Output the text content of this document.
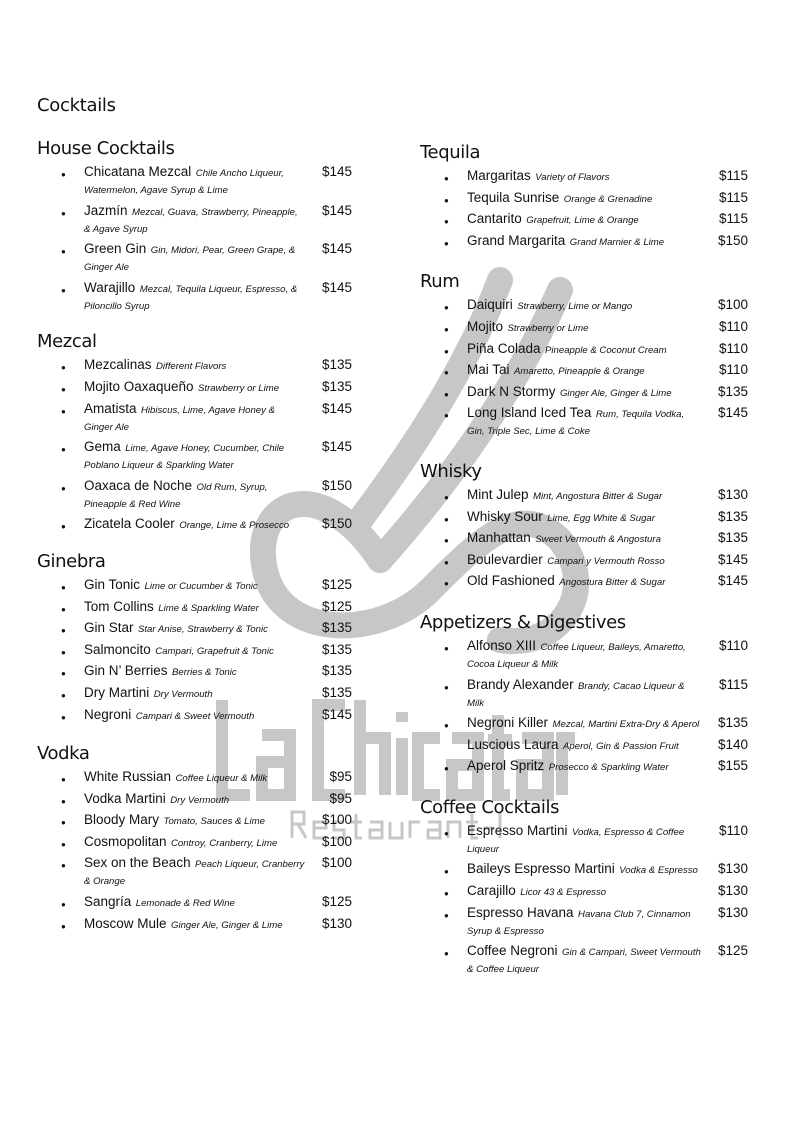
Cocktails
House Cocktails
● Chicatana Mezcal Chile Ancho Liqueur, Watermelon, Agave Syrup & Lime
$145
● Jazmín Mezcal, Guava, Strawberry, Pineapple, & Agave Syrup
$145
● Green Gin Gin, Midori, Pear, Green Grape, & Ginger Ale
$145
● Warajillo Mezcal, Tequila Liqueur, Espresso, & Piloncillo Syrup
$145
Mezcal
● Mezcalinas Different Flavors	$135
● Mojito Oaxaqueño Strawberry or Lime	$135
● Amatista Hibiscus, Lime, Agave Honey & Ginger Ale
$145
● Gema Lime, Agave Honey, Cucumber, Chile Poblano Liqueur & Sparkling Water
$145
● Oaxaca de Noche Old Rum, Syrup, Pineapple & Red Wine
$150
● Zicatela Cooler Orange, Lime & Prosecco	$150
Ginebra
● Gin Tonic Lime or Cucumber & Tonic	$125
● Tom Collins Lime & Sparkling Water	$125
● Gin Star Star Anise, Strawberry & Tonic	$135
● Salmoncito Campari, Grapefruit & Tonic	$135
● Gin N’ Berries Berries & Tonic	$135
● Dry Martini Dry Vermouth	$135
● Negroni Campari & Sweet Vermouth	$145
Vodka
● White Russian Coffee Liqueur & Milk	$95
● Vodka Martini Dry Vermouth	$95
● Bloody Mary Tomato, Sauces & Lime	$100
● Cosmopolitan Controy, Cranberry, Lime	$100
● Sex on the Beach Peach Liqueur, Cranberry & Orange
$100
● Sangría Lemonade & Red Wine	$125
● Moscow Mule Ginger Ale, Ginger & Lime	$130
Tequila
● Margaritas Variety of Flavors	$115
● Tequila Sunrise Orange & Grenadine	$115
● Cantarito Grapefruit, Lime & Orange	$115
● Grand Margarita Grand Marnier & Lime	$150
Rum
● Daiquiri Strawberry, Lime or Mango	$100
● Mojito Strawberry or Lime	$110
● Piña Colada Pineapple & Coconut Cream	$110
● Mai Tai Amaretto, Pineapple & Orange	$110
● Dark N Stormy Ginger Ale, Ginger & Lime	$135
● Long Island Iced Tea Rum, Tequila Vodka, Gin, Triple Sec, Lime & Coke
$145
Whisky
● Mint Julep Mint, Angostura Bitter & Sugar	$130
● Whisky Sour Lime, Egg White & Sugar	$135
● Manhattan Sweet Vermouth & Angostura	$135
● Boulevardier Campari y Vermouth Rosso	$145
● Old Fashioned Angostura Bitter & Sugar	$145
Appetizers & Digestives
● Alfonso XIII Coffee Liqueur, Baileys, Amaretto, Cocoa Liqueur & Milk
$110
● Brandy Alexander Brandy, Cacao Liqueur & Milk
$115
● Negroni Killer Mezcal, Martini Extra-Dry & Aperol	$135
Luscious Laura Aperol, Gin & Passion Fruit	$140
● Aperol Spritz Prosecco & Sparkling Water	$155
Coffee Cocktails
● Espresso Martini Vodka, Espresso & Coffee Liqueur
$110
● Baileys Espresso Martini Vodka & Espresso	$130
● Carajillo Licor 43 & Espresso	$130
● Espresso Havana Havana Club 7, Cinnamon Syrup & Espresso
$130
● Coffee Negroni Gin & Campari, Sweet Vermouth & Coffee Liqueur
$125
